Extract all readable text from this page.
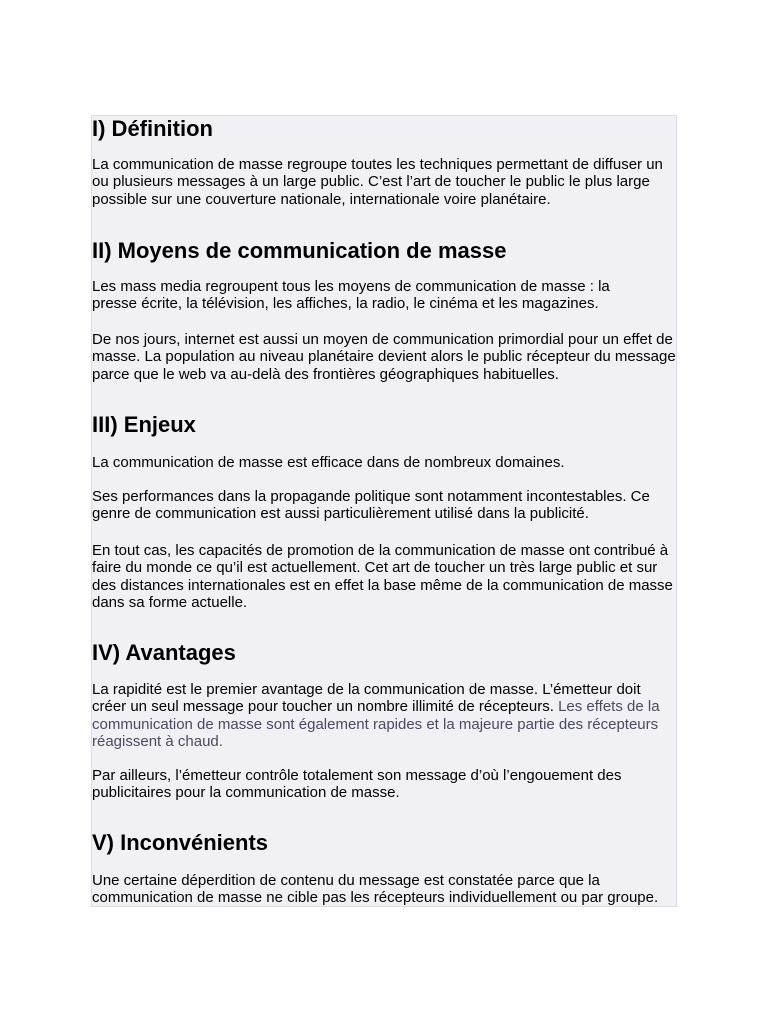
I) Définition

La communication de masse regroupe toutes les techniques permettant de diffuser un ou plusieurs messages à un large public. C’est l’art de toucher le public le plus large possible sur une couverture nationale, internationale voire planétaire.

II) Moyens de communication de masse

Les mass media regroupent tous les moyens de communication de masse : la presse écrite, la télévision, les affiches, la radio, le cinéma et les magazines.

De nos jours, internet est aussi un moyen de communication primordial pour un effet de masse. La population au niveau planétaire devient alors le public récepteur du message parce que le web va au-delà des frontières géographiques habituelles.

III) Enjeux

La communication de masse est efficace dans de nombreux domaines.

Ses performances dans la propagande politique sont notamment incontestables. Ce genre de communication est aussi particulièrement utilisé dans la publicité.

En tout cas, les capacités de promotion de la communication de masse ont contribué à faire du monde ce qu’il est actuellement. Cet art de toucher un très large public et sur des distances internationales est en effet la base même de la communication de masse dans sa forme actuelle.

IV) Avantages

La rapidité est le premier avantage de la communication de masse. L’émetteur doit créer un seul message pour toucher un nombre illimité de récepteurs. Les effets de la communication de masse sont également rapides et la majeure partie des récepteurs réagissent à chaud.

Par ailleurs, l’émetteur contrôle totalement son message d’où l’engouement des publicitaires pour la communication de masse.

V) Inconvénients

Une certaine déperdition de contenu du message est constatée parce que la communication de masse ne cible pas les récepteurs individuellement ou par groupe.
